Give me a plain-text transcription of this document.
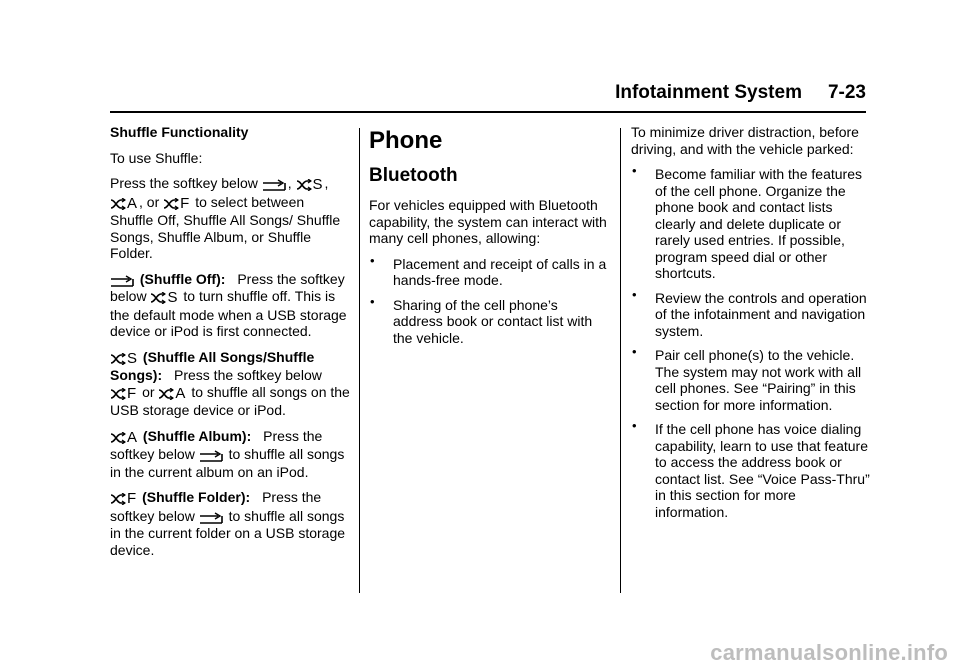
Infotainment System 7-23

Shuffle Functionality

To use Shuffle:

Press the softkey below , S , A , or F to select between Shuffle Off, Shuffle All Songs/ Shuffle Songs, Shuffle Album, or Shuffle Folder.

(Shuffle Off): Press the softkey below S to turn shuffle off. This is the default mode when a USB storage device or iPod is first connected.

S (Shuffle All Songs/Shuffle Songs): Press the softkey below F or A to shuffle all songs on the USB storage device or iPod.

A (Shuffle Album): Press the softkey below to shuffle all songs in the current album on an iPod.

F (Shuffle Folder): Press the softkey below to shuffle all songs in the current folder on a USB storage device.

Phone
Bluetooth

For vehicles equipped with Bluetooth capability, the system can interact with many cell phones, allowing:

• Placement and receipt of calls in a hands-free mode.
• Sharing of the cell phone’s address book or contact list with the vehicle.

To minimize driver distraction, before driving, and with the vehicle parked:

• Become familiar with the features of the cell phone. Organize the phone book and contact lists clearly and delete duplicate or rarely used entries. If possible, program speed dial or other shortcuts.
• Review the controls and operation of the infotainment and navigation system.
• Pair cell phone(s) to the vehicle. The system may not work with all cell phones. See “Pairing” in this section for more information.
• If the cell phone has voice dialing capability, learn to use that feature to access the address book or contact list. See “Voice Pass-Thru” in this section for more information.
carmanualsonline.info
